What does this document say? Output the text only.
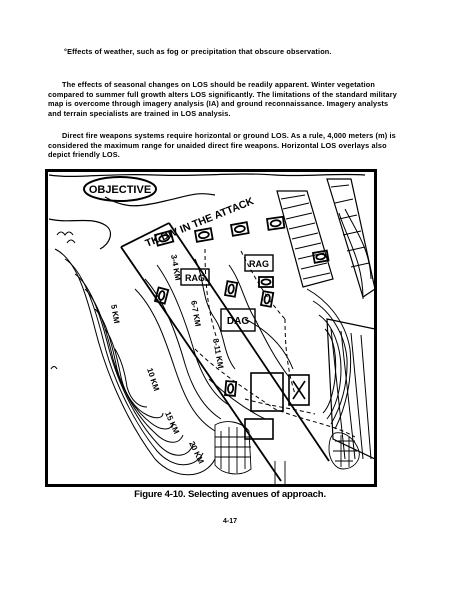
°Effects of weather, such as fog or precipitation that obscure observation.

The effects of seasonal changes on LOS should be readily apparent. Winter vegetation compared to summer full growth alters LOS significantly. The limitations of the standard military map is overcome through imagery analysis (IA) and ground reconnaissance. Imagery analysts and terrain specialists are trained in LOS analysis.

Direct fire weapons systems require horizontal or ground LOS. As a rule, 4,000 meters (m) is considered the maximum range for unaided direct fire weapons. Horizontal LOS overlays also depict friendly LOS.

OBJECTIVE
RAG
RAG
DAG
TK DIV IN THE ATTACK
3-4 KM
6-7 KM
5 KM
8-11 KM
10 KM
15 KM
20 KM
Figure 4-10. Selecting avenues of approach.
4-17
